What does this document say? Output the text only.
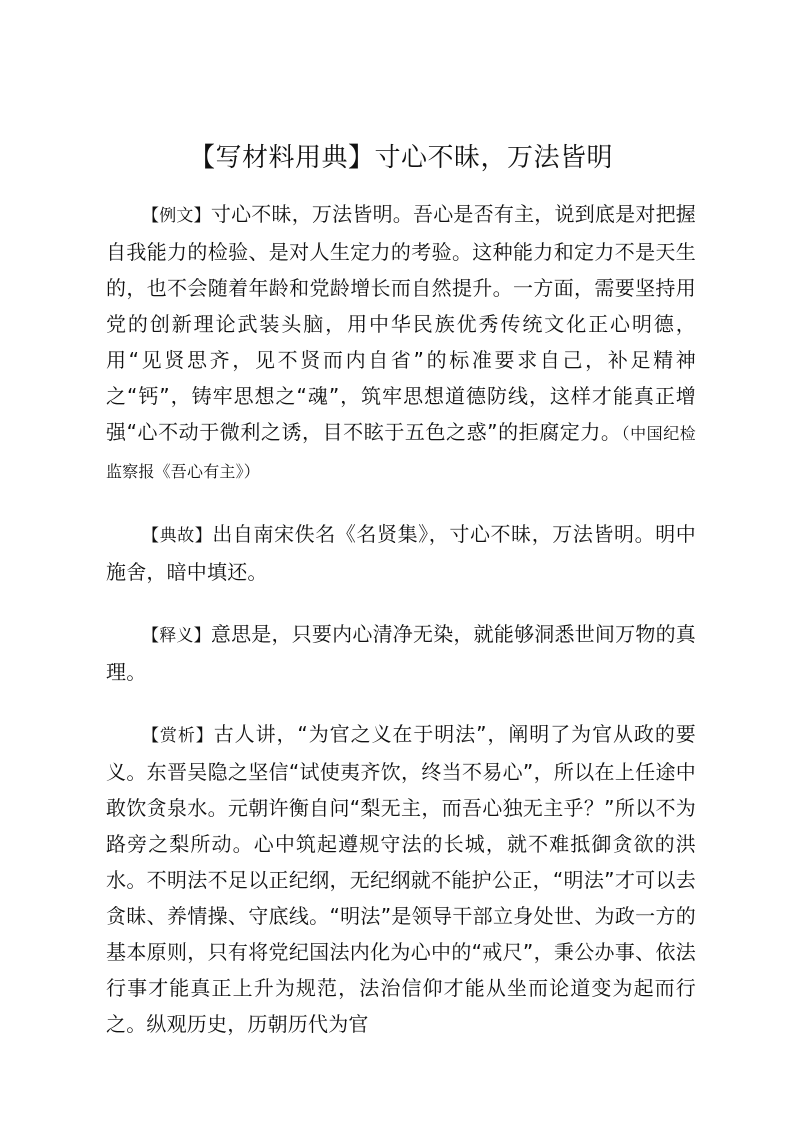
【写材料用典】寸心不昧，万法皆明

【例文】寸心不昧，万法皆明。吾心是否有主，说到底是对把握自我能力的检验、是对人生定力的考验。这种能力和定力不是天生的，也不会随着年龄和党龄增长而自然提升。一方面，需要坚持用党的创新理论武装头脑，用中华民族优秀传统文化正心明德，用“见贤思齐，见不贤而内自省”的标准要求自己，补足精神之“钙”，铸牢思想之“魂”，筑牢思想道德防线，这样才能真正增强“心不动于微利之诱，目不眩于五色之惑”的拒腐定力。（中国纪检监察报《吾心有主》）

【典故】出自南宋佚名《名贤集》，寸心不昧，万法皆明。明中施舍，暗中填还。

【释义】意思是，只要内心清净无染，就能够洞悉世间万物的真理。

【赏析】古人讲，“为官之义在于明法”，阐明了为官从政的要义。东晋吴隐之坚信“试使夷齐饮，终当不易心”，所以在上任途中敢饮贪泉水。元朝许衡自问“梨无主，而吾心独无主乎？”所以不为路旁之梨所动。心中筑起遵规守法的长城，就不难抵御贪欲的洪水。不明法不足以正纪纲，无纪纲就不能护公正，“明法”才可以去贪昧、养情操、守底线。“明法”是领导干部立身处世、为政一方的基本原则，只有将党纪国法内化为心中的“戒尺”，秉公办事、依法行事才能真正上升为规范，法治信仰才能从坐而论道变为起而行之。纵观历史，历朝历代为官
